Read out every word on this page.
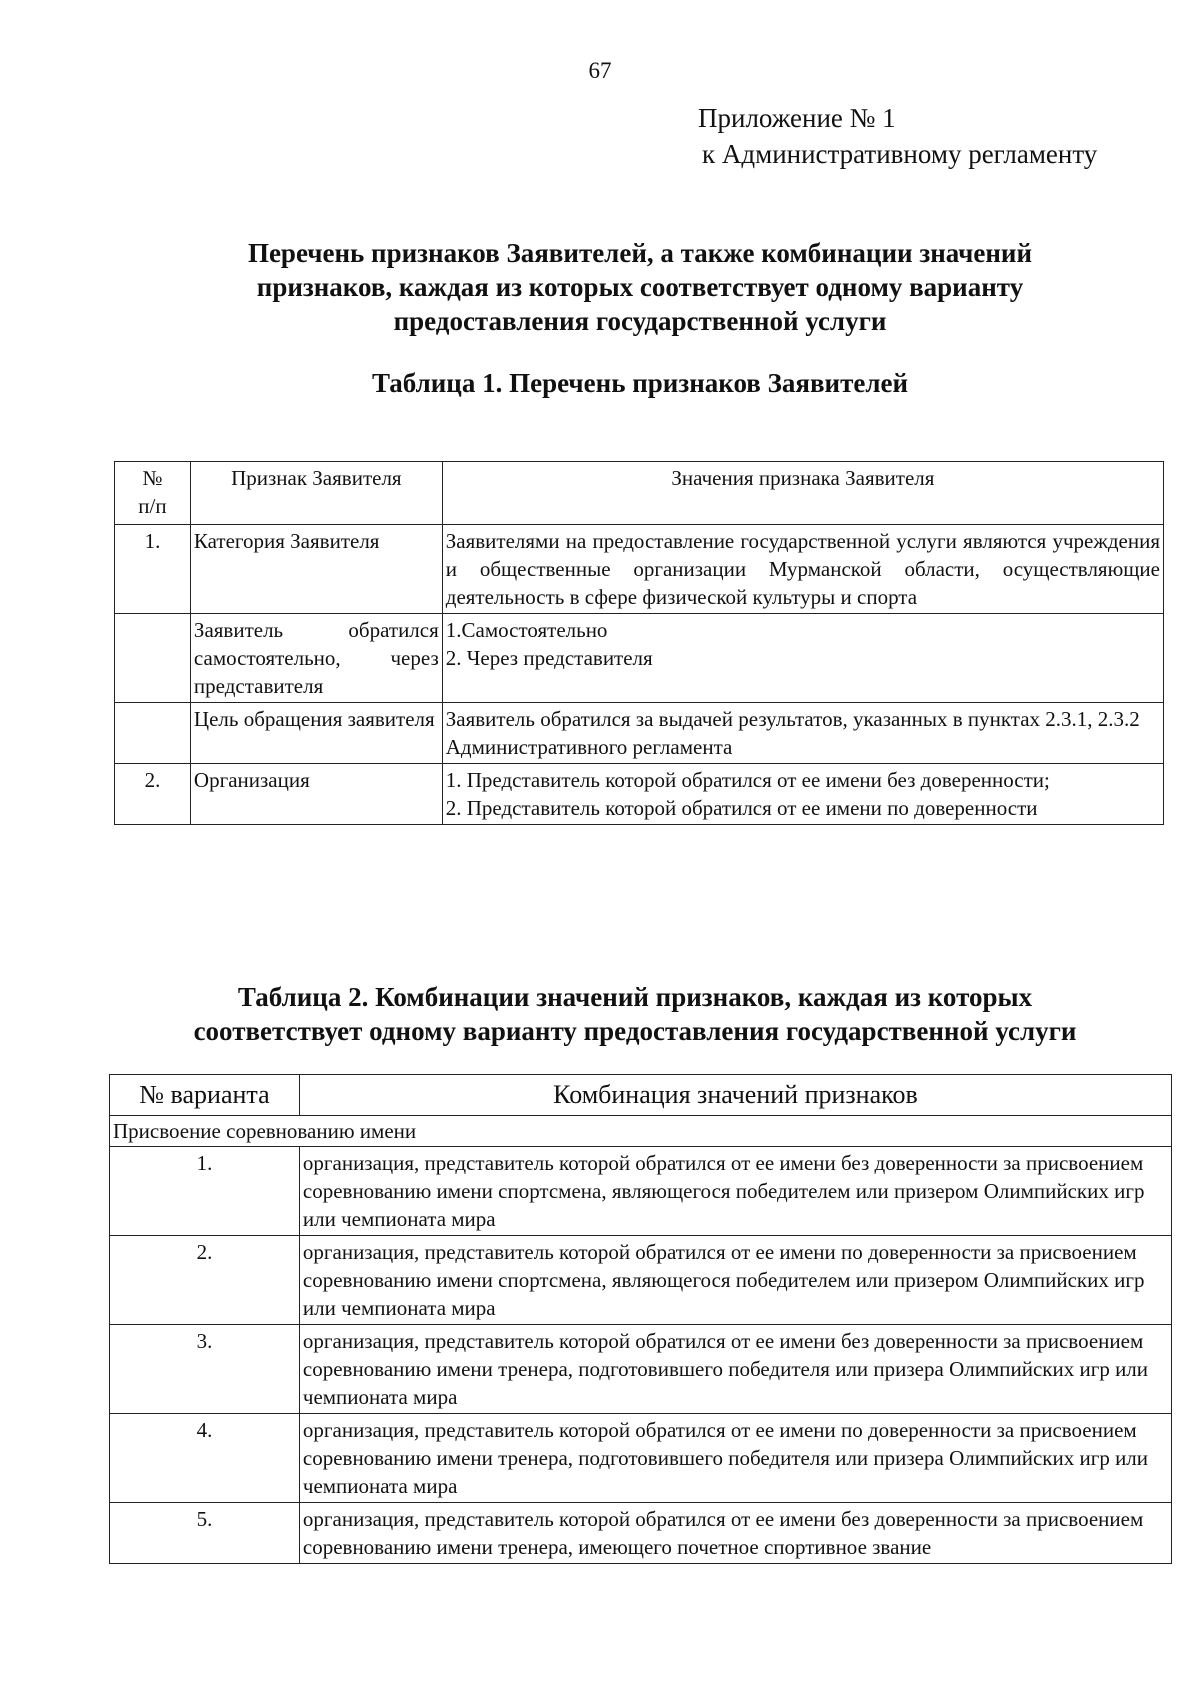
67
Приложение № 1
к Административному регламенту
Перечень признаков Заявителей, а также комбинации значений
признаков, каждая из которых соответствует одному варианту
предоставления государственной услуги
Таблица 1. Перечень признаков Заявителей
№
п/п	Признак Заявителя	Значения признака Заявителя
1.	Категория Заявителя	Заявителями на предоставление государственной услуги являются учреждения и общественные организации Мурманской области, осуществляющие деятельность в сфере физической культуры и спорта

	Заявитель обратился самостоятельно, через представителя	1.Самостоятельно
2. Через представителя

	Цель обращения заявителя	Заявитель обратился за выдачей результатов, указанных в пунктах 2.3.1, 2.3.2 Административного регламента

2.	Организация	1. Представитель которой обратился от ее имени без доверенности;
2. Представитель которой обратился от ее имени по доверенности
Таблица 2. Комбинации значений признаков, каждая из которых
соответствует одному варианту предоставления государственной услуги
№ варианта	Комбинация значений признаков
Присвоение соревнованию имени	
1.	организация, представитель которой обратился от ее имени без доверенности за присвоением соревнованию имени спортсмена, являющегося победителем или призером Олимпийских игр или чемпионата мира
2.	организация, представитель которой обратился от ее имени по доверенности за присвоением соревнованию имени спортсмена, являющегося победителем или призером Олимпийских игр или чемпионата мира
3.	организация, представитель которой обратился от ее имени без доверенности за присвоением соревнованию имени тренера, подготовившего победителя или призера Олимпийских игр или чемпионата мира
4.	организация, представитель которой обратился от ее имени по доверенности за присвоением соревнованию имени тренера, подготовившего победителя или призера Олимпийских игр или чемпионата мира
5.	организация, представитель которой обратился от ее имени без доверенности за присвоением соревнованию имени тренера, имеющего почетное спортивное звание
